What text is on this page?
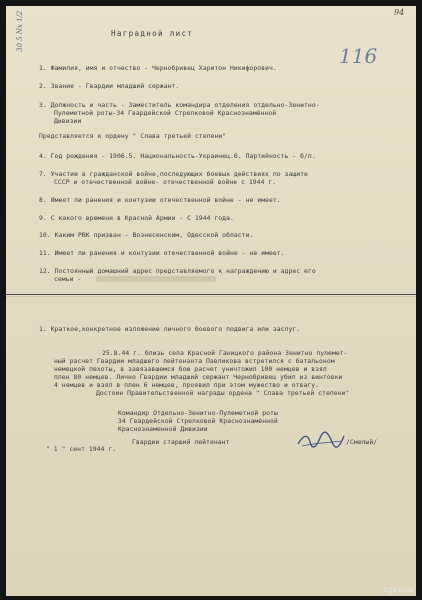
30 5 Nx 1/2	94
Наградной лист
116
1. Фамилия, имя и отчество - Чернобривец Харитон Никифорович.
2. Звание - Гвардии младший сержант.
3. Должность и часть - Заместитель командира отделения отдельно-Зенитно-
Пулеметной роты-34 Гвардейской Стрелковой Краснознамённой
Дивизии
Представляется к ордену " Слава третьей степени"
4. Год рождения - 1906.5. Национальность-Украинец.6. Партийность - б/п.
7. Участие в гражданской войне,последующих боевых действиях по защите
СССР и отечественной войне- отечественной войне с 1944 г.
8. Имеет ли ранения и контузии отечественной войне - не имеет.
9. С какого времени в Красной Армии - С 1944 года.
10. Каким РВК призван - Вознесенским, Одесской области.
11. Имеет ли ранения и контузии отечественной войне - не имеет.
12. Постоянный домашний адрес представляемого к награждению и адрес его
семьи -
1. Краткое,конкретное изложение личного боевого подвига или заслуг.
25.8.44 г. близь села Красной Ганицкого района Зенитно пулемет-
ный расчет Гвардии младшего лейтенанта Павликова встретился с батальоном
немецкой пехоты, в завязавшемся бою расчет уничтожил 100 немцев и взял
плен 80 немцев. Лично Гвардии младший сержант Чернобривец убил из винтовки
4 немцев и взял в плен 6 немцев, проявил при этом мужество и отвагу.
Достоин Правительственной награды ордена " Слава третьей степени"
Командир Отдельно-Зенитно-Пулеметной роты
34 Гвардейской Стрелковой Краснознамённой
Краснознаменной Дивизии
" 1 " сент 1944 г.
Гвардии старший лейтенант	/Смелый/
sgvavia
